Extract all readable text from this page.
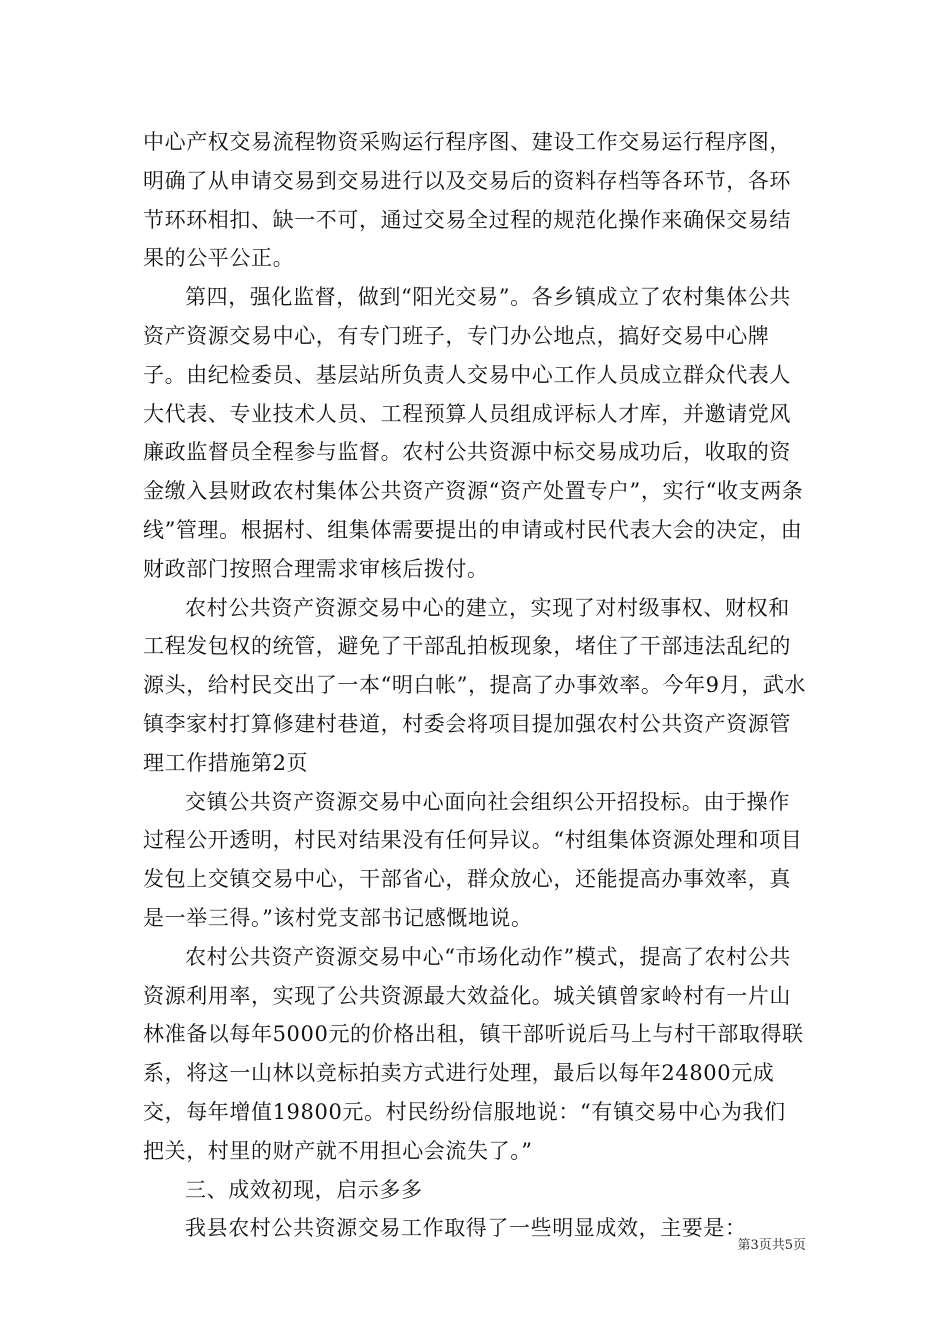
中心产权交易流程物资采购运行程序图、建设工作交易运行程序图，明确了从申请交易到交易进行以及交易后的资料存档等各环节，各环节环环相扣、缺一不可，通过交易全过程的规范化操作来确保交易结果的公平公正。

第四，强化监督，做到“阳光交易”。各乡镇成立了农村集体公共资产资源交易中心，有专门班子，专门办公地点，搞好交易中心牌子。由纪检委员、基层站所负责人交易中心工作人员成立群众代表人大代表、专业技术人员、工程预算人员组成评标人才库，并邀请党风廉政监督员全程参与监督。农村公共资源中标交易成功后，收取的资金缴入县财政农村集体公共资产资源“资产处置专户”，实行“收支两条线”管理。根据村、组集体需要提出的申请或村民代表大会的决定，由财政部门按照合理需求审核后拨付。

农村公共资产资源交易中心的建立，实现了对村级事权、财权和工程发包权的统管，避免了干部乱拍板现象，堵住了干部违法乱纪的源头，给村民交出了一本“明白帐”，提高了办事效率。今年9月，武水镇李家村打算修建村巷道，村委会将项目提加强农村公共资产资源管理工作措施第2页

交镇公共资产资源交易中心面向社会组织公开招投标。由于操作过程公开透明，村民对结果没有任何异议。“村组集体资源处理和项目发包上交镇交易中心，干部省心，群众放心，还能提高办事效率，真是一举三得。”该村党支部书记感慨地说。

农村公共资产资源交易中心“市场化动作”模式，提高了农村公共资源利用率，实现了公共资源最大效益化。城关镇曾家岭村有一片山林准备以每年5000元的价格出租，镇干部听说后马上与村干部取得联系，将这一山林以竞标拍卖方式进行处理，最后以每年24800元成交，每年增值19800元。村民纷纷信服地说：“有镇交易中心为我们把关，村里的财产就不用担心会流失了。”

三、成效初现，启示多多

我县农村公共资源交易工作取得了一些明显成效，主要是：

第3页共5页
